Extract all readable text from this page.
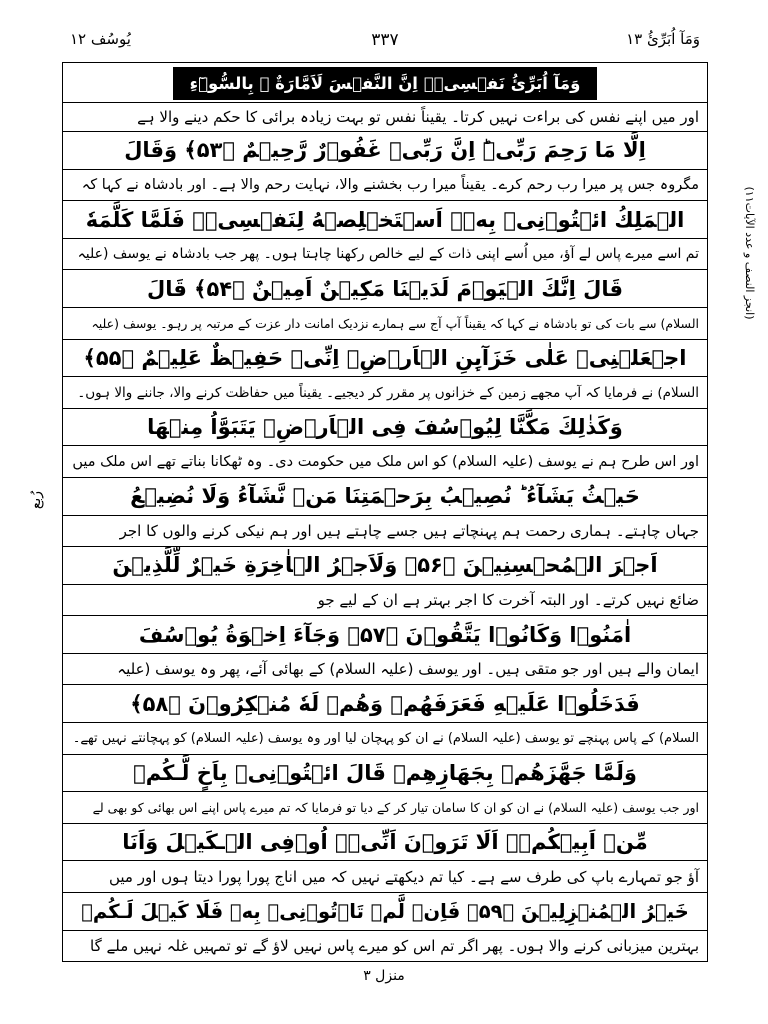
يُوسُف ١٢	٣٣٧	وَمَآ اُبَرِّئُ ١٣
رُبع
(انجز النصف و عدد الآيات۱۱)
وَمَآ اُبَرِّئُ نَفۡسِىۡ‌ۚ اِنَّ النَّفۡسَ لَاَمَّارَةٌ ۢ بِالسُّوۡٓءِ
اور میں اپنے نفس کی براءت نہیں کرتا۔ یقیناً نفس تو بہت زیادہ برائی کا حکم دینے والا ہے
اِلَّا مَا رَحِمَ رَبِّىۡ‌ؕ اِنَّ رَبِّىۡ غَفُوۡرٌ رَّحِيۡمٌ ﴿۵۳﴾ وَقَالَ
مگروہ جس پر میرا رب رحم کرے۔ یقیناً میرا رب بخشنے والا، نہایت رحم والا ہے۔ اور بادشاہ نے کہا کہ
الۡمَلِكُ ائۡتُوۡنِىۡ بِهٖۤ اَسۡتَخۡلِصۡهُ لِنَفۡسِىۡ‌ۚ فَلَمَّا كَلَّمَهٗ
تم اسے میرے پاس لے آؤ، میں اُسے اپنی ذات کے لیے خالص رکھنا چاہتا ہوں۔ پھر جب بادشاہ نے یوسف (علیہ
قَالَ اِنَّكَ الۡيَوۡمَ لَدَيۡنَا مَكِيۡنٌ اَمِيۡنٌ ﴿۵۴﴾ قَالَ
السلام) سے بات کی تو بادشاہ نے کہا کہ یقیناً آپ آج سے ہمارے نزدیک امانت دار عزت کے مرتبہ پر رہو۔ یوسف (علیہ
اجۡعَلۡنِىۡ عَلٰى خَزَآٮِٕنِ الۡاَرۡضِ‌ۚ اِنِّىۡ حَفِيۡظٌ عَلِيۡمٌ ﴿۵۵﴾
السلام) نے فرمایا کہ آپ مجھے زمین کے خزانوں پر مقرر کر دیجیے۔ یقیناً میں حفاظت کرنے والا، جاننے والا ہوں۔
وَكَذٰلِكَ مَكَّنَّا لِيُوۡسُفَ فِى الۡاَرۡضِ‌ۚ يَتَبَوَّاُ مِنۡهَا
اور اس طرح ہم نے یوسف (علیہ السلام) کو اس ملک میں حکومت دی۔ وہ ٹھکانا بناتے تھے اس ملک میں
حَيۡثُ يَشَآءُ‌ ؕ نُصِيۡبُ بِرَحۡمَتِنَا مَنۡ نَّشَآءُ‌ وَلَا نُضِيۡعُ
جہاں چاہتے۔ ہماری رحمت ہم پہنچاتے ہیں جسے چاہتے ہیں اور ہم نیکی کرنے والوں کا اجر
اَجۡرَ الۡمُحۡسِنِيۡنَ ﴿۵۶﴾ وَلَاَجۡرُ الۡاٰخِرَةِ خَيۡرٌ لِّلَّذِيۡنَ
ضائع نہیں کرتے۔ اور البتہ آخرت کا اجر بہتر ہے ان کے لیے جو
اٰمَنُوۡا وَكَانُوۡا يَتَّقُوۡنَ ﴿۵۷﴾ وَجَآءَ اِخۡوَةُ يُوۡسُفَ
ایمان والے ہیں اور جو متقی ہیں۔ اور یوسف (علیہ السلام) کے بھائی آئے، پھر وہ یوسف (علیہ
فَدَخَلُوۡا عَلَيۡهِ فَعَرَفَهُمۡ وَهُمۡ لَهٗ مُنۡكِرُوۡنَ ﴿۵۸﴾
السلام) کے پاس پہنچے تو یوسف (علیہ السلام) نے ان کو پہچان لیا اور وہ یوسف (علیہ السلام) کو پہچانتے نہیں تھے۔
وَلَمَّا جَهَّزَهُمۡ بِجَهَازِهِمۡ قَالَ ائۡتُوۡنِىۡ بِاَخٍ لَّـكُمۡ
اور جب یوسف (علیہ السلام) نے ان کو ان کا سامان تیار کر کے دیا تو فرمایا کہ تم میرے پاس اپنے اس بھائی کو بھی لے
مِّنۡ اَبِيۡكُمۡ‌ۚ اَلَا تَرَوۡنَ اَنِّىۡۤ اُوۡفِى الۡـكَيۡلَ وَاَنَا
آؤ جو تمہارے باپ کی طرف سے ہے۔ کیا تم دیکھتے نہیں کہ میں اناج پورا پورا دیتا ہوں اور میں
خَيۡرُ الۡمُنۡزِلِيۡنَ ﴿۵۹﴾ فَاِنۡ لَّمۡ تَاۡتُوۡنِىۡ بِهٖ فَلَا كَيۡلَ لَـكُمۡ
بہترین میزبانی کرنے والا ہوں۔ پھر اگر تم اس کو میرے پاس نہیں لاؤ گے تو تمہیں غلہ نہیں ملے گا
منزل ۳
